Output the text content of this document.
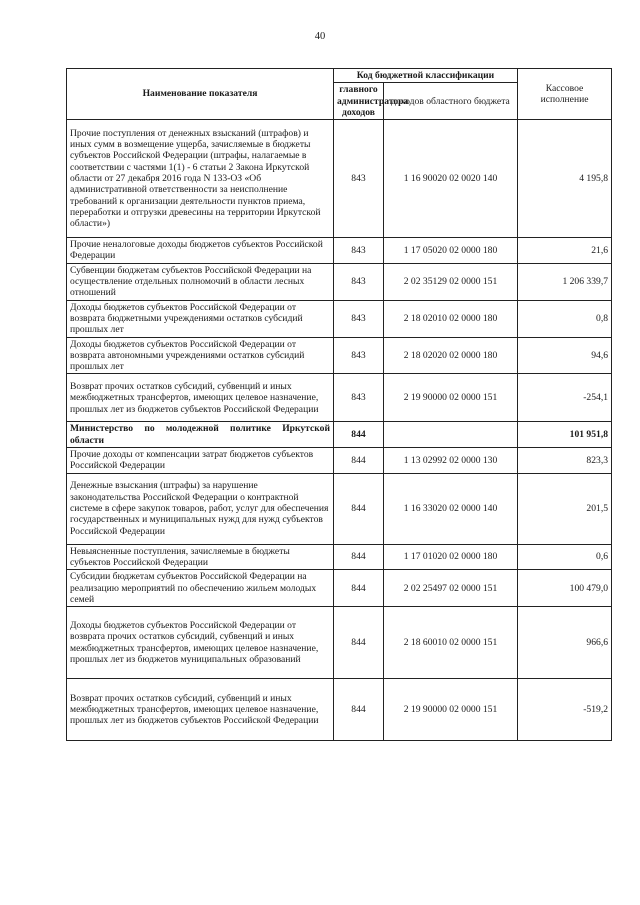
40
Наименование показателя	Код бюджетной классификации		Кассовое исполнение
	главного администратора доходов	доходов областного бюджета	
Прочие поступления от денежных взысканий (штрафов) и иных сумм в возмещение ущерба, зачисляемые в бюджеты субъектов Российской Федерации (штрафы, налагаемые в соответствии с частями 1(1) - 6 статьи 2 Закона Иркутской области от 27 декабря 2016 года N 133-ОЗ «Об административной ответственности за неисполнение требований к организации деятельности пунктов приема, переработки и отгрузки древесины на территории Иркутской области»)	843	1 16 90020 02 0020 140	4 195,8
Прочие неналоговые доходы бюджетов субъектов Российской Федерации	843	1 17 05020 02 0000 180	21,6
Субвенции бюджетам субъектов Российской Федерации на осуществление отдельных полномочий в области лесных отношений	843	2 02 35129 02 0000 151	1 206 339,7
Доходы бюджетов субъектов Российской Федерации от возврата бюджетными учреждениями остатков субсидий прошлых лет	843	2 18 02010 02 0000 180	0,8
Доходы бюджетов субъектов Российской Федерации от возврата автономными учреждениями остатков субсидий прошлых лет	843	2 18 02020 02 0000 180	94,6
Возврат прочих остатков субсидий, субвенций и иных межбюджетных трансфертов, имеющих целевое назначение, прошлых лет из бюджетов субъектов Российской Федерации	843	2 19 90000 02 0000 151	-254,1
Министерство по молодежной политике Иркутской области	844		101 951,8
Прочие доходы от компенсации затрат бюджетов субъектов Российской Федерации	844	1 13 02992 02 0000 130	823,3
Денежные взыскания (штрафы) за нарушение законодательства Российской Федерации о контрактной системе в сфере закупок товаров, работ, услуг для обеспечения государственных и муниципальных нужд для нужд субъектов Российской Федерации	844	1 16 33020 02 0000 140	201,5
Невыясненные поступления, зачисляемые в бюджеты субъектов Российской Федерации	844	1 17 01020 02 0000 180	0,6
Субсидии бюджетам субъектов Российской Федерации на реализацию мероприятий по обеспечению жильем молодых семей	844	2 02 25497 02 0000 151	100 479,0
Доходы бюджетов субъектов Российской Федерации от возврата прочих остатков субсидий, субвенций и иных межбюджетных трансфертов, имеющих целевое назначение, прошлых лет из бюджетов муниципальных образований	844	2 18 60010 02 0000 151	966,6
Возврат прочих остатков субсидий, субвенций и иных межбюджетных трансфертов, имеющих целевое назначение, прошлых лет из бюджетов субъектов Российской Федерации	844	2 19 90000 02 0000 151	-519,2
